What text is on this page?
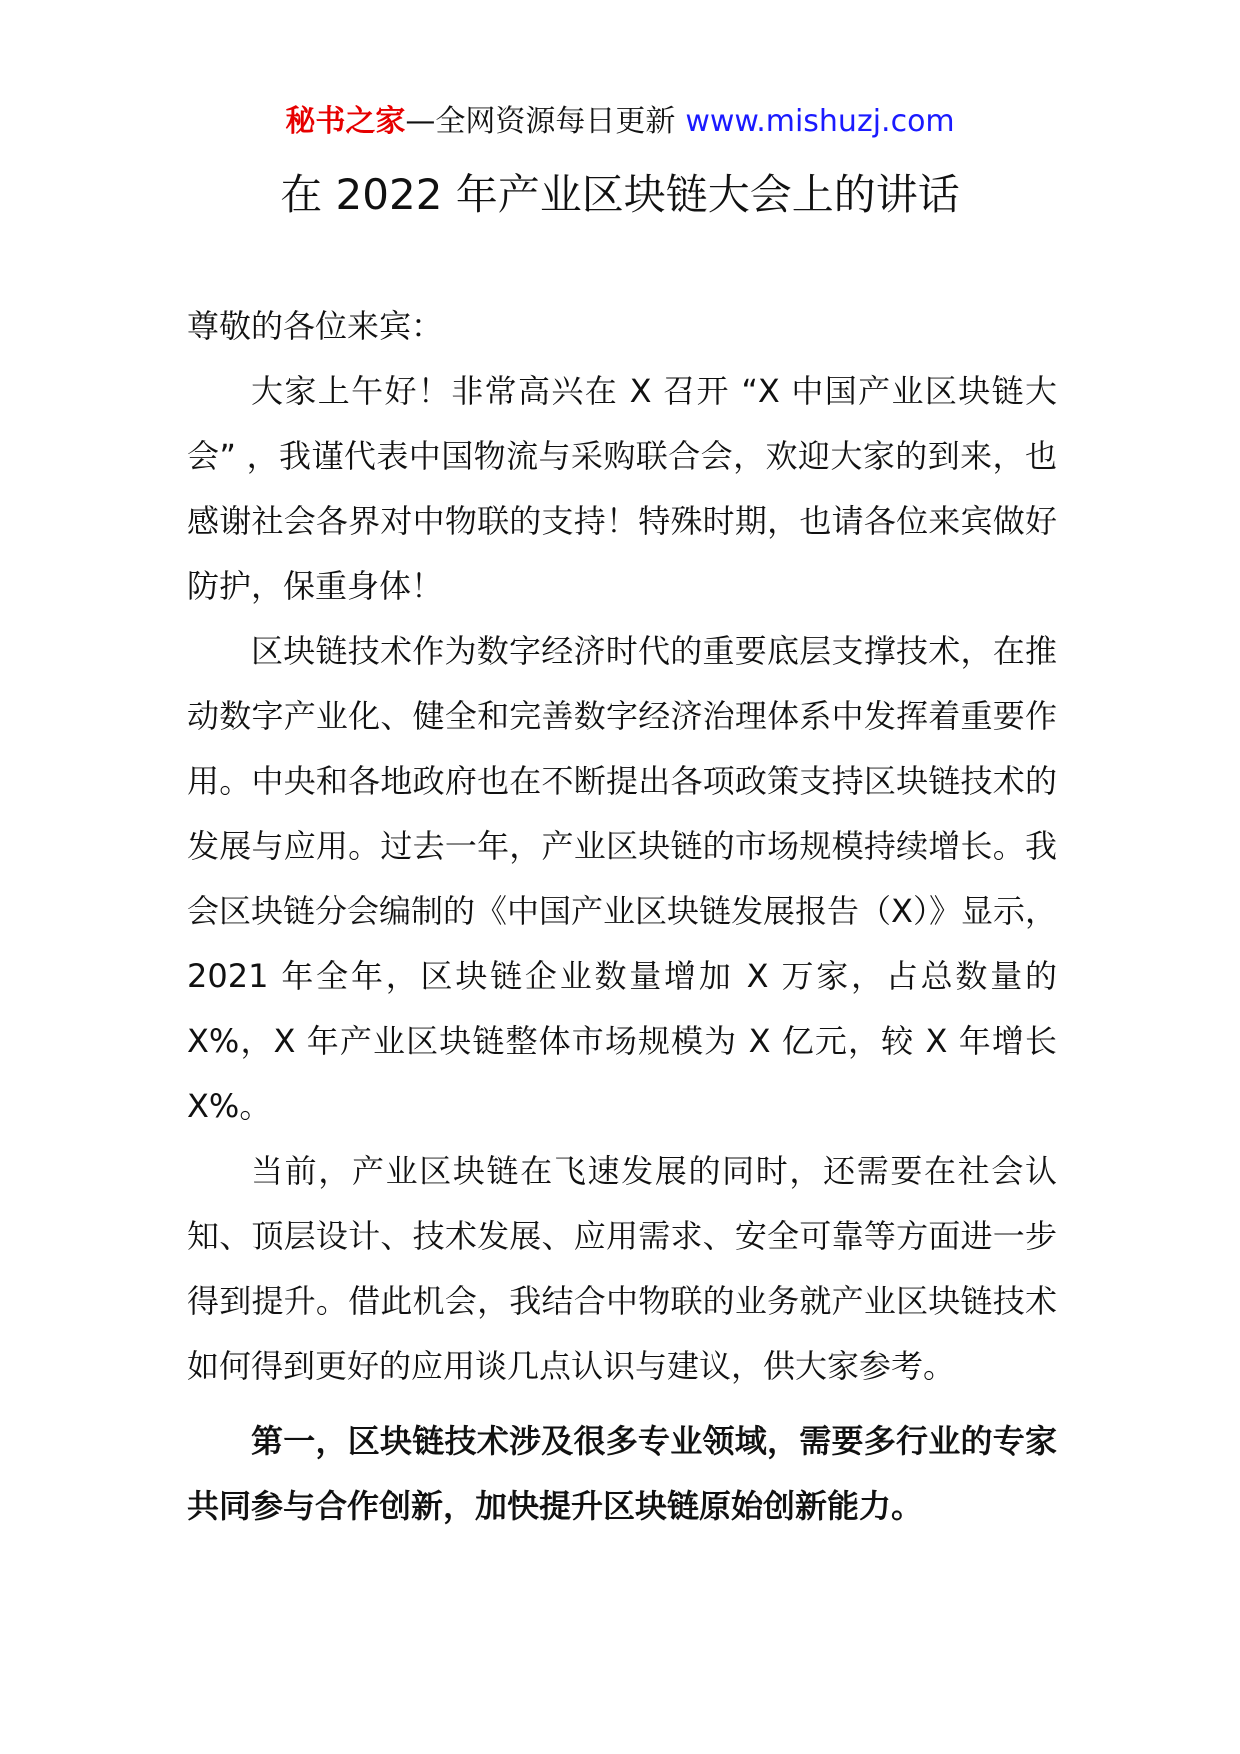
秘书之家—全网资源每日更新 www.mishuzj.com
在 2022 年产业区块链大会上的讲话

尊敬的各位来宾：

大家上午好！非常高兴在 X 召开 “X 中国产业区块链大会” ，我谨代表中国物流与采购联合会，欢迎大家的到来，也感谢社会各界对中物联的支持！特殊时期，也请各位来宾做好防护，保重身体！

区块链技术作为数字经济时代的重要底层支撑技术，在推动数字产业化、健全和完善数字经济治理体系中发挥着重要作用。中央和各地政府也在不断提出各项政策支持区块链技术的发展与应用。过去一年，产业区块链的市场规模持续增长。我会区块链分会编制的《中国产业区块链发展报告（X）》显示，2021 年全年，区块链企业数量增加 X 万家，占总数量的 X%，X 年产业区块链整体市场规模为 X 亿元，较 X 年增长 X%。

当前，产业区块链在飞速发展的同时，还需要在社会认知、顶层设计、技术发展、应用需求、安全可靠等方面进一步得到提升。借此机会，我结合中物联的业务就产业区块链技术如何得到更好的应用谈几点认识与建议，供大家参考。

第一，区块链技术涉及很多专业领域，需要多行业的专家共同参与合作创新，加快提升区块链原始创新能力。
